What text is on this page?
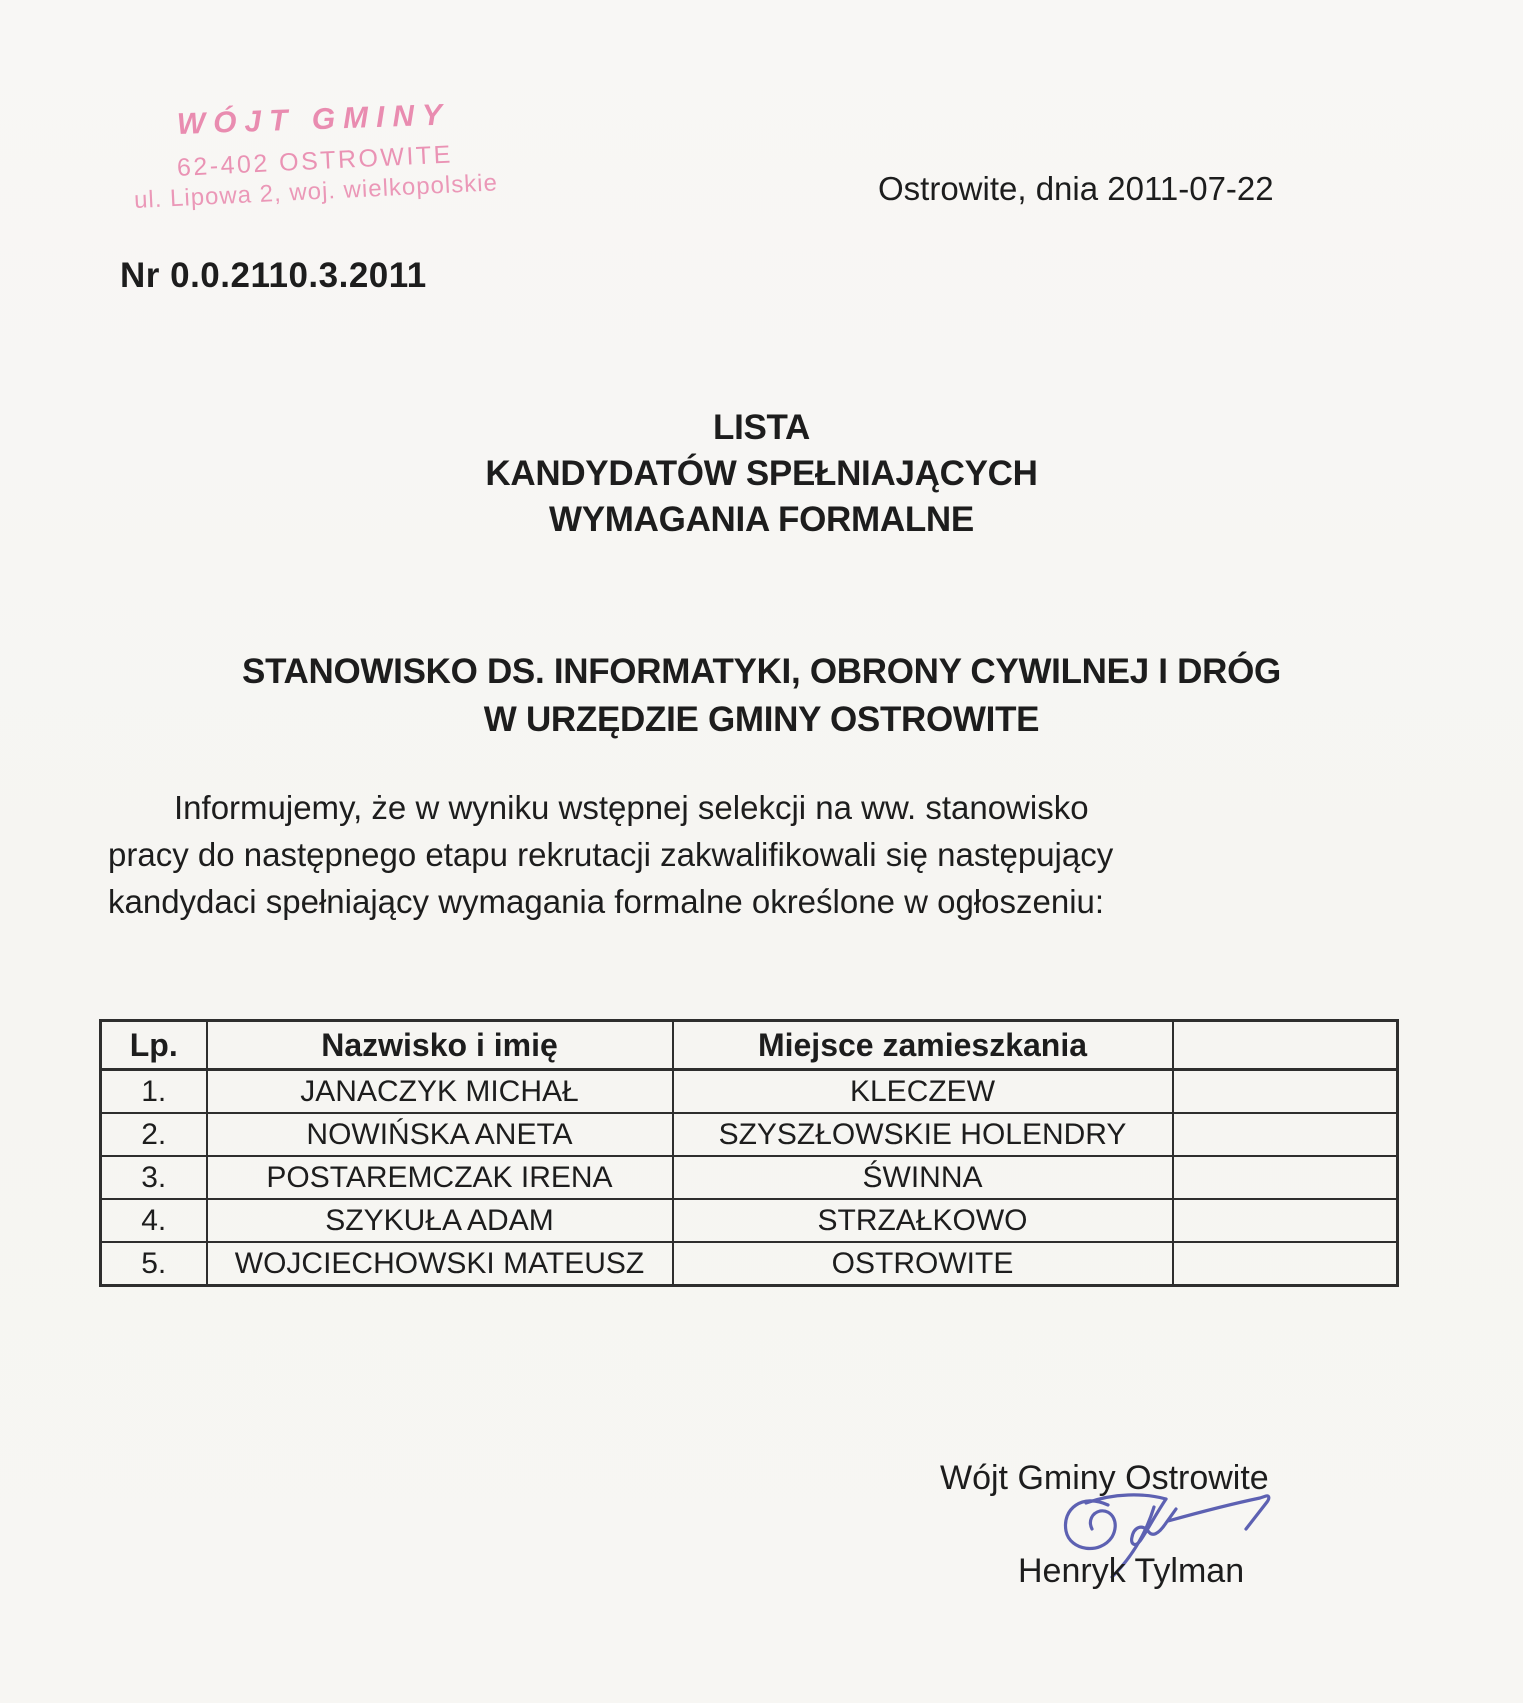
WÓJT GMINY
62-402 OSTROWITE
ul. Lipowa 2, woj. wielkopolskie	Ostrowite, dnia 2011-07-22
Nr 0.0.2110.3.2011
LISTA
KANDYDATÓW SPEŁNIAJĄCYCH
WYMAGANIA FORMALNE
STANOWISKO DS. INFORMATYKI, OBRONY CYWILNEJ I DRÓG
W URZĘDZIE GMINY OSTROWITE
Informujemy, że w wyniku wstępnej selekcji na ww. stanowisko
pracy do następnego etapu rekrutacji zakwalifikowali się następujący
kandydaci spełniający wymagania formalne określone w ogłoszeniu:
Lp.	Nazwisko i imię	Miejsce zamieszkania	
1.	JANACZYK MICHAŁ	KLECZEW	
2.	NOWIŃSKA ANETA	SZYSZŁOWSKIE HOLENDRY	
3.	POSTAREMCZAK IRENA	ŚWINNA	
4.	SZYKUŁA ADAM	STRZAŁKOWO	
5.	WOJCIECHOWSKI MATEUSZ	OSTROWITE	
Wójt Gminy Ostrowite
Henryk Tylman
